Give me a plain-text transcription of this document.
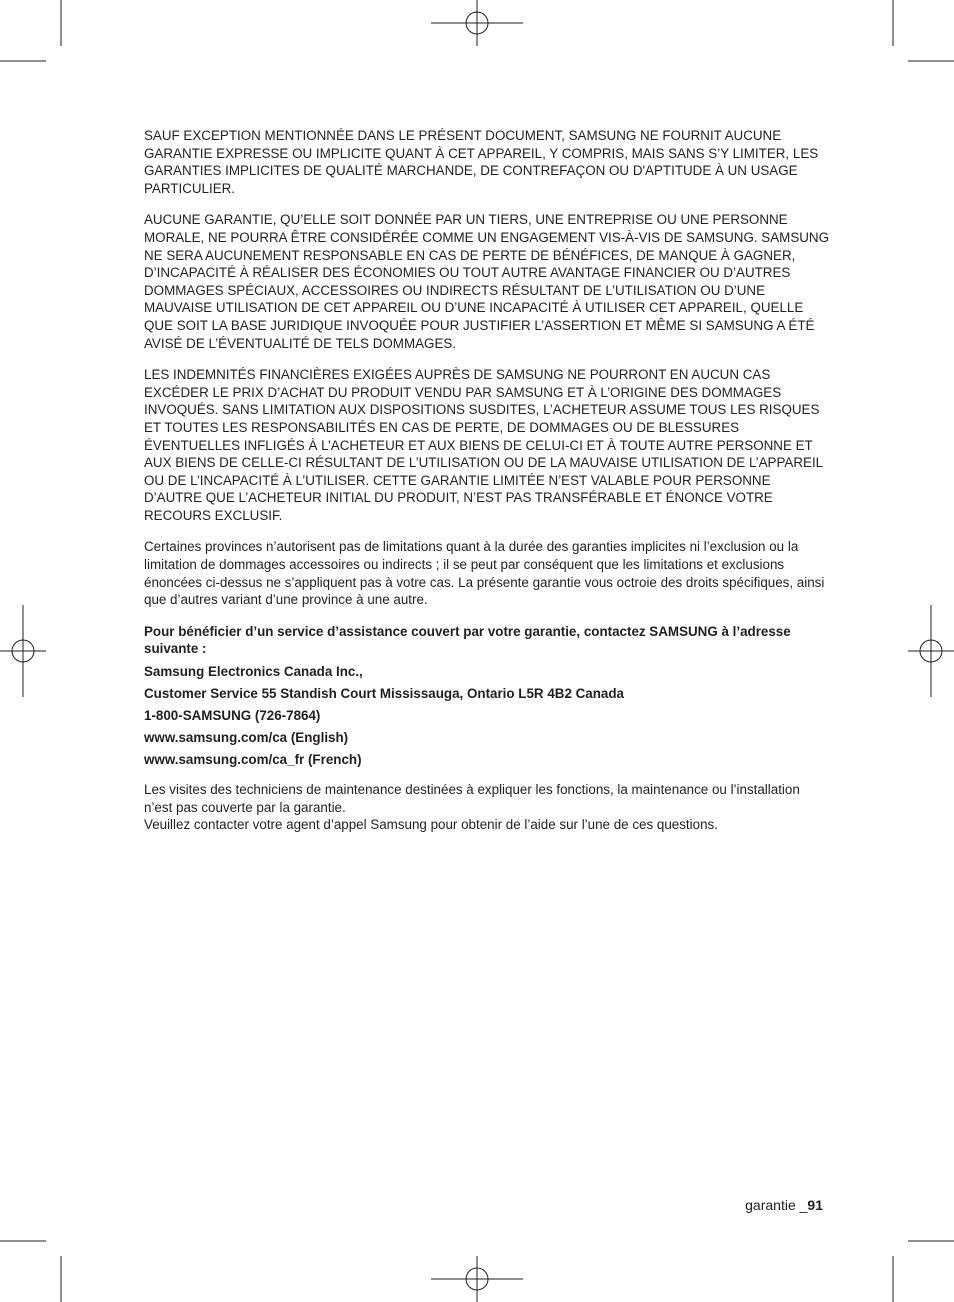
SAUF EXCEPTION MENTIONNÉE DANS LE PRÉSENT DOCUMENT, SAMSUNG NE FOURNIT AUCUNE GARANTIE EXPRESSE OU IMPLICITE QUANT À CET APPAREIL, Y COMPRIS, MAIS SANS S’Y LIMITER, LES GARANTIES IMPLICITES DE QUALITÉ MARCHANDE, DE CONTREFAÇON OU D'APTITUDE À UN USAGE PARTICULIER.

AUCUNE GARANTIE, QU’ELLE SOIT DONNÉE PAR UN TIERS, UNE ENTREPRISE OU UNE PERSONNE MORALE, NE POURRA ÊTRE CONSIDÉRÉE COMME UN ENGAGEMENT VIS-À-VIS DE SAMSUNG. SAMSUNG NE SERA AUCUNEMENT RESPONSABLE EN CAS DE PERTE DE BÉNÉFICES, DE MANQUE À GAGNER, D’INCAPACITÉ À RÉALISER DES ÉCONOMIES OU TOUT AUTRE AVANTAGE FINANCIER OU D’AUTRES DOMMAGES SPÉCIAUX, ACCESSOIRES OU INDIRECTS RÉSULTANT DE L’UTILISATION OU D’UNE MAUVAISE UTILISATION DE CET APPAREIL OU D’UNE INCAPACITÉ À UTILISER CET APPAREIL, QUELLE QUE SOIT LA BASE JURIDIQUE INVOQUÉE POUR JUSTIFIER L’ASSERTION ET MÊME SI SAMSUNG A ÉTÉ AVISÉ DE L’ÉVENTUALITÉ DE TELS DOMMAGES.

LES INDEMNITÉS FINANCIÈRES EXIGÉES AUPRÈS DE SAMSUNG NE POURRONT EN AUCUN CAS EXCÉDER LE PRIX D’ACHAT DU PRODUIT VENDU PAR SAMSUNG ET À L’ORIGINE DES DOMMAGES INVOQUÉS. SANS LIMITATION AUX DISPOSITIONS SUSDITES, L’ACHETEUR ASSUME TOUS LES RISQUES ET TOUTES LES RESPONSABILITÉS EN CAS DE PERTE, DE DOMMAGES OU DE BLESSURES ÉVENTUELLES INFLIGÉS À L’ACHETEUR ET AUX BIENS DE CELUI-CI ET À TOUTE AUTRE PERSONNE ET AUX BIENS DE CELLE-CI RÉSULTANT DE L’UTILISATION OU DE LA MAUVAISE UTILISATION DE L’APPAREIL OU DE L’INCAPACITÉ À L’UTILISER. CETTE GARANTIE LIMITÉE N’EST VALABLE POUR PERSONNE D’AUTRE QUE L’ACHETEUR INITIAL DU PRODUIT, N’EST PAS TRANSFÉRABLE ET ÉNONCE VOTRE RECOURS EXCLUSIF.

Certaines provinces n’autorisent pas de limitations quant à la durée des garanties implicites ni l’exclusion ou la limitation de dommages accessoires ou indirects ; il se peut par conséquent que les limitations et exclusions énoncées ci-dessus ne s’appliquent pas à votre cas. La présente garantie vous octroie des droits spécifiques, ainsi que d’autres variant d’une province à une autre.

Pour bénéficier d’un service d’assistance couvert par votre garantie, contactez SAMSUNG à l’adresse suivante :

Samsung Electronics Canada Inc.,

Customer Service 55 Standish Court Mississauga, Ontario L5R 4B2 Canada

1-800-SAMSUNG (726-7864)

www.samsung.com/ca (English)

www.samsung.com/ca_fr (French)

Les visites des techniciens de maintenance destinées à expliquer les fonctions, la maintenance ou l’installation n’est pas couverte par la garantie.
Veuillez contacter votre agent d’appel Samsung pour obtenir de l’aide sur l’une de ces questions.

garantie _91
